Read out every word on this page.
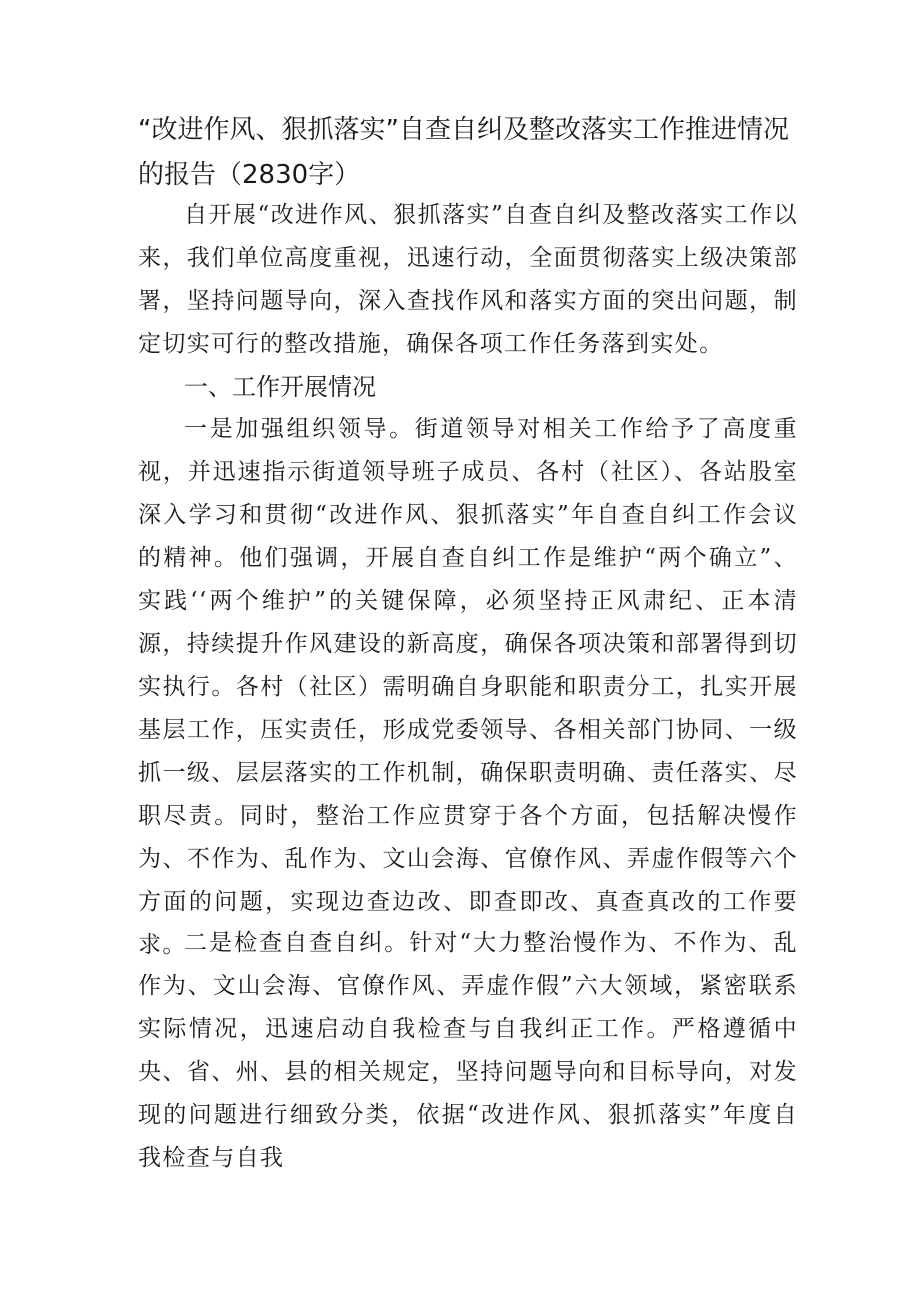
“改进作风、狠抓落实”自查自纠及整改落实工作推进情况的报告（2830字）

自开展“改进作风、狠抓落实”自查自纠及整改落实工作以来，我们单位高度重视，迅速行动，全面贯彻落实上级决策部署，坚持问题导向，深入查找作风和落实方面的突出问题，制定切实可行的整改措施，确保各项工作任务落到实处。

一、工作开展情况

一是加强组织领导。街道领导对相关工作给予了高度重视，并迅速指示街道领导班子成员、各村（社区）、各站股室深入学习和贯彻“改进作风、狠抓落实”年自查自纠工作会议的精神。他们强调，开展自查自纠工作是维护“两个确立”、实践‘‘两个维护”的关键保障，必须坚持正风肃纪、正本清源，持续提升作风建设的新高度，确保各项决策和部署得到切实执行。各村（社区）需明确自身职能和职责分工，扎实开展基层工作，压实责任，形成党委领导、各相关部门协同、一级抓一级、层层落实的工作机制，确保职责明确、责任落实、尽职尽责。同时，整治工作应贯穿于各个方面，包括解决慢作为、不作为、乱作为、文山会海、官僚作风、弄虚作假等六个方面的问题，实现边查边改、即查即改、真查真改的工作要求。

二是检查自查自纠。针对“大力整治慢作为、不作为、乱作为、文山会海、官僚作风、弄虚作假”六大领域，紧密联系实际情况，迅速启动自我检查与自我纠正工作。严格遵循中央、省、州、县的相关规定，坚持问题导向和目标导向，对发现的问题进行细致分类，依据“改进作风、狠抓落实”年度自我检查与自我
